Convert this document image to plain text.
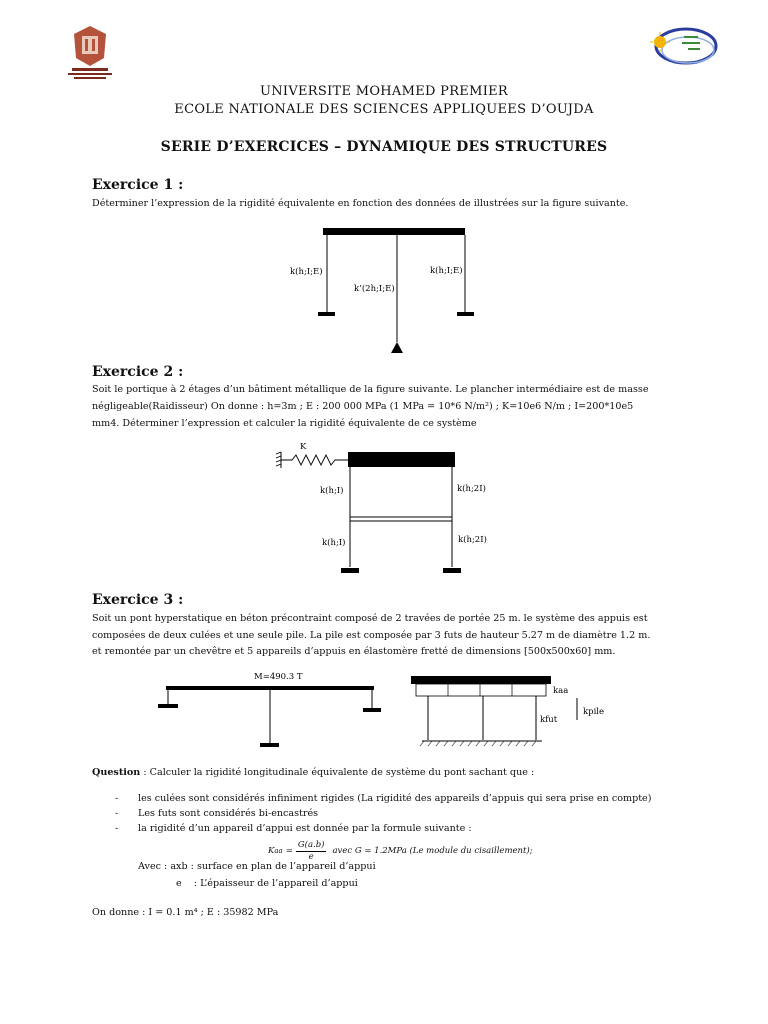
UNIVERSITE MOHAMED PREMIER
ECOLE NATIONALE DES SCIENCES APPLIQUEES D’OUJDA
SERIE D’EXERCICES – DYNAMIQUE DES STRUCTURES
Exercice 1 :
Déterminer l’expression de la rigidité équivalente en fonction des données de illustrées sur la figure suivante.
k(h;I;E)	k(h;I;E)
k’(2h;I;E)
Exercice 2 :
Soit le portique à 2 étages d’un bâtiment métallique de la figure suivante. Le plancher intermédiaire est de masse
négligeable(Raidisseur) On donne : h=3m ; E : 200 000 MPa (1 MPa = 10*6 N/m²) ; K=10e6 N/m ; I=200*10e5
mm4. Déterminer l’expression et calculer la rigidité équivalente de ce système
K
k(h;I)	k(h;2I)
k(h;I)	k(h;2I)
Exercice 3 :
Soit un pont hyperstatique en béton précontraint composé de 2 travées de portée 25 m. le système des appuis est
composées de deux culées et une seule pile. La pile est composée par 3 futs de hauteur 5.27 m de diamètre 1.2 m.
et remontée par un chevêtre et 5 appareils d’appuis en élastomère fretté de dimensions [500x500x60] mm.
M=490.3 T
kaa
kfut
kpile
Question : Calculer la rigidité longitudinale équivalente de système du pont sachant que :
- les culées sont considérés infiniment rigides (La rigidité des appareils d’appuis qui sera prise en compte)
- Les futs sont considérés bi-encastrés
- la rigidité d’un appareil d’appui est donnée par la formule suivante :
K aa = $\frac{G(a.b)}{e}$ avec G = 1.2MPa (Le module du cisaillement);
Avec : axb : surface en plan de l’appareil d’appui
e    : L’épaisseur de l’appareil d’appui
On donne : I = 0.1 m⁴ ; E : 35982 MPa
